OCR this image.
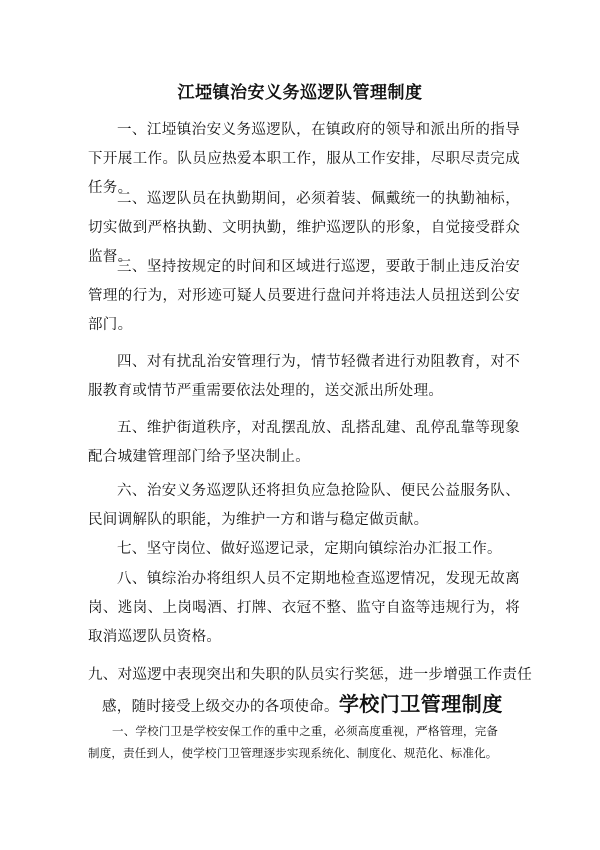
江埡镇治安义务巡逻队管理制度

一、江埡镇治安义务巡逻队，在镇政府的领导和派出所的指导下开展工作。队员应热爱本职工作，服从工作安排，尽职尽责完成任务。

二、巡逻队员在执勤期间，必须着装、佩戴统一的执勤袖标，切实做到严格执勤、文明执勤，维护巡逻队的形象，自觉接受群众监督。

三、坚持按规定的时间和区域进行巡逻，要敢于制止违反治安管理的行为，对形迹可疑人员要进行盘问并将违法人员扭送到公安部门。

四、对有扰乱治安管理行为，情节轻微者进行劝阻教育，对不服教育或情节严重需要依法处理的，送交派出所处理。

五、维护街道秩序，对乱摆乱放、乱搭乱建、乱停乱靠等现象配合城建管理部门给予坚决制止。

六、治安义务巡逻队还将担负应急抢险队、便民公益服务队、民间调解队的职能，为维护一方和谐与稳定做贡献。

七、坚守岗位、做好巡逻记录，定期向镇综治办汇报工作。

八、镇综治办将组织人员不定期地检查巡逻情况，发现无故离岗、逃岗、上岗喝酒、打牌、衣冠不整、监守自盗等违规行为，将取消巡逻队员资格。

九、对巡逻中表现突出和失职的队员实行奖惩，进一步增强工作责任
感，随时接受上级交办的各项使命。学校门卫管理制度
一、学校门卫是学校安保工作的重中之重，必须高度重视，严格管理，完备
制度，责任到人，使学校门卫管理逐步实现系统化、制度化、规范化、标准化。
